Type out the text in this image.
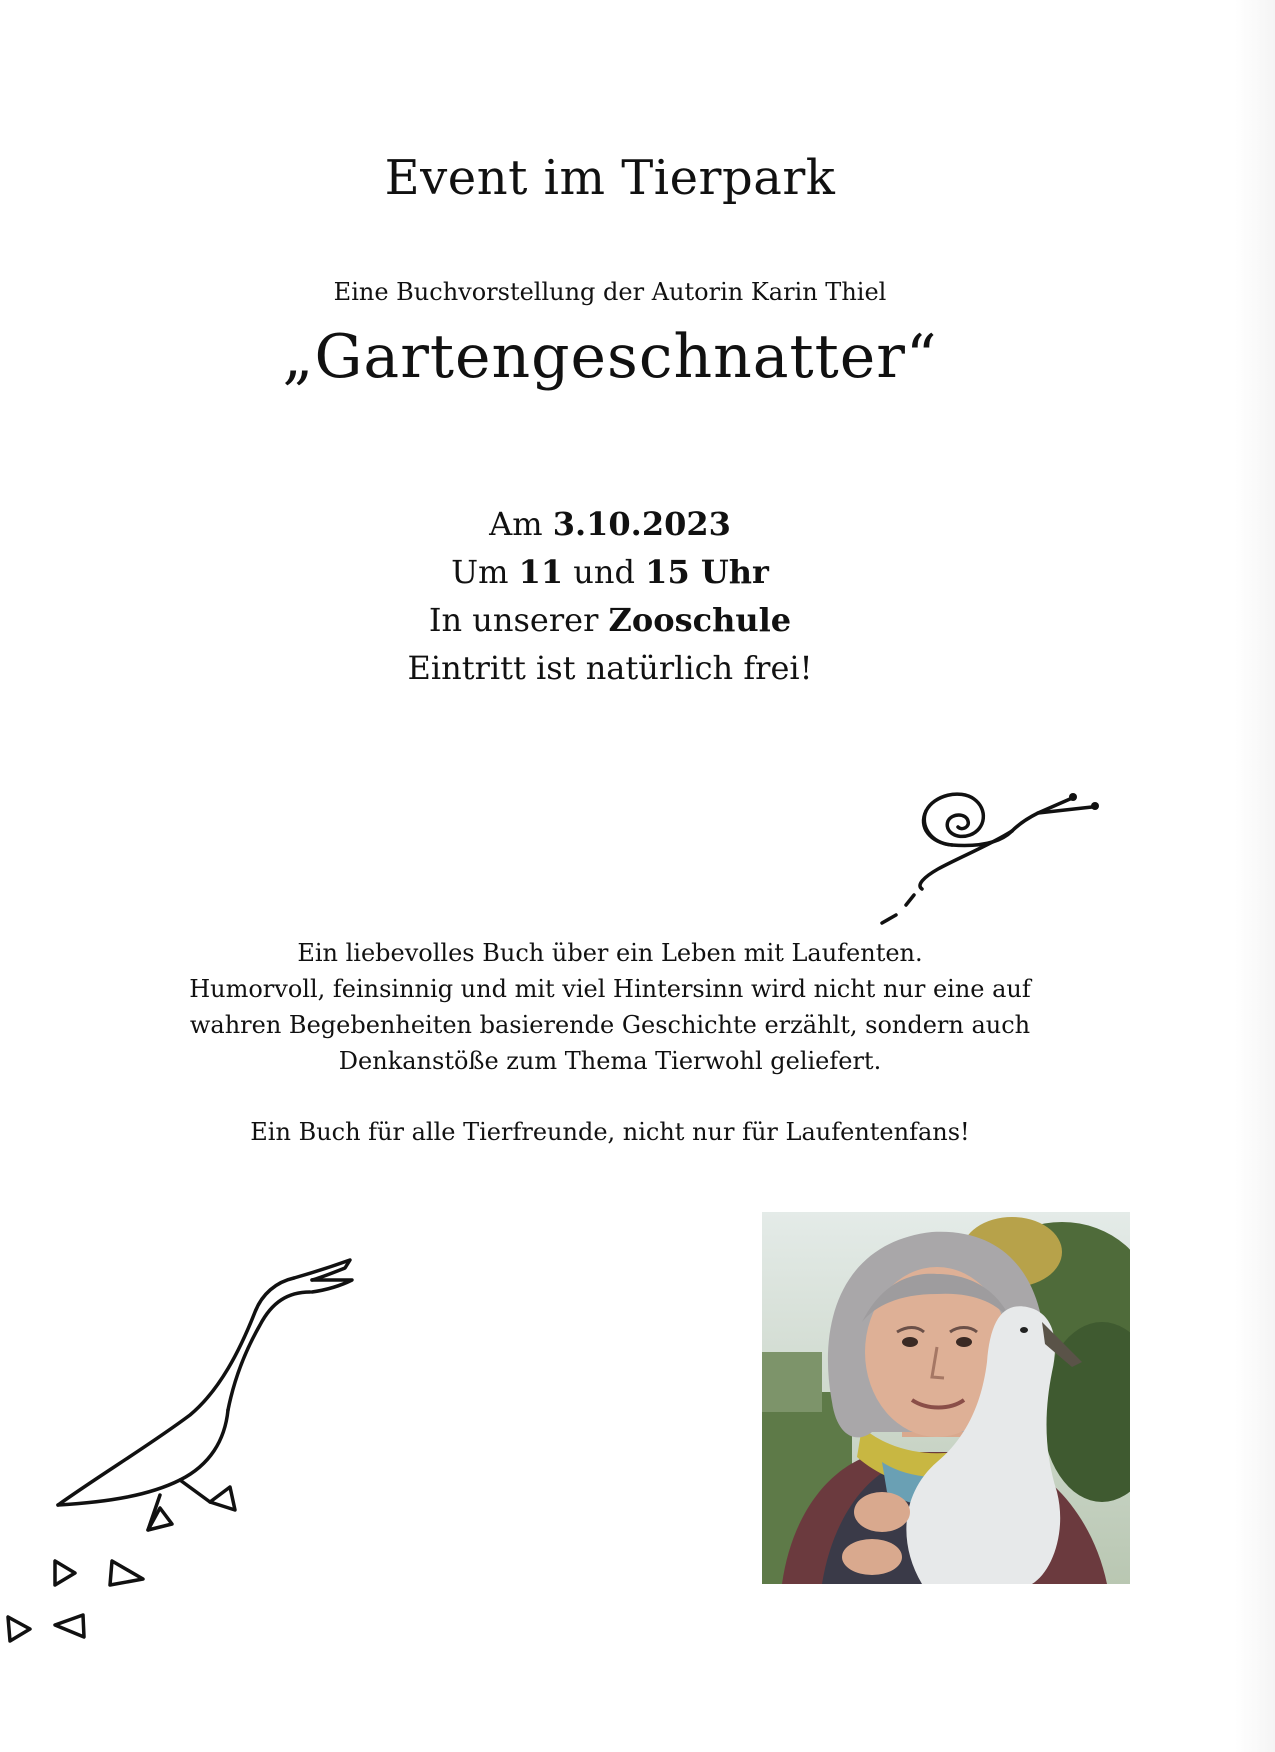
Event im Tierpark
Eine Buchvorstellung der Autorin Karin Thiel
„Gartengeschnatter“
Am 3.10.2023
Um 11 und 15 Uhr
In unserer Zooschule
Eintritt ist natürlich frei!
Ein liebevolles Buch über ein Leben mit Laufenten.
Humorvoll, feinsinnig und mit viel Hintersinn wird nicht nur eine auf
wahren Begebenheiten basierende Geschichte erzählt, sondern auch
Denkanstöße zum Thema Tierwohl geliefert.
Ein Buch für alle Tierfreunde, nicht nur für Laufentenfans!
